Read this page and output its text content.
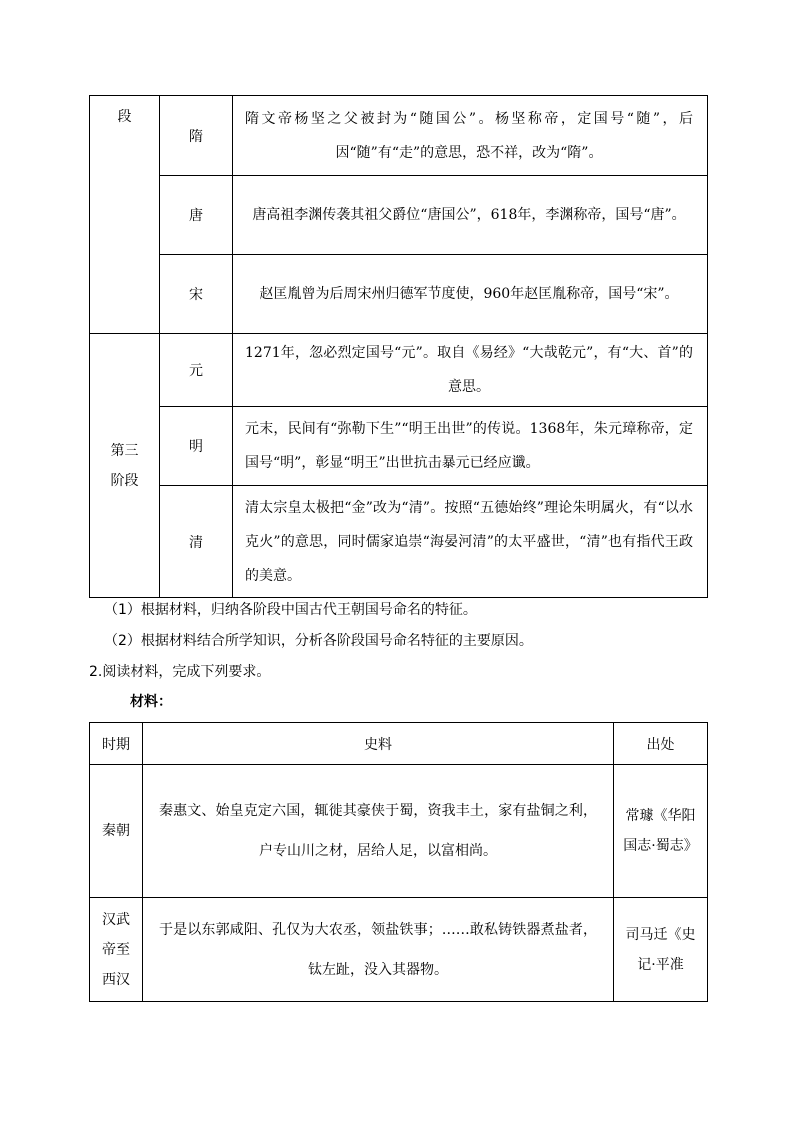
段	隋	隋文帝杨坚之父被封为“随国公”。杨坚称帝，定国号“随”，后因“随”有“走”的意思，恐不祥，改为“隋”。
	唐	唐高祖李渊传袭其祖父爵位“唐国公”，618年，李渊称帝，国号“唐”。
	宋	赵匡胤曾为后周宋州归德军节度使，960年赵匡胤称帝，国号“宋”。

第三阶段	元	1271年，忽必烈定国号“元”。取自《易经》“大哉乾元”，有“大、首”的意思。
	明	元末，民间有“弥勒下生”“明王出世”的传说。1368年，朱元璋称帝，定国号“明”，彰显“明王”出世抗击暴元已经应谶。
	清	清太宗皇太极把“金”改为“清”。按照“五德始终”理论朱明属火，有“以水克火”的意思，同时儒家追崇“海晏河清”的太平盛世，“清”也有指代王政的美意。
（1）根据材料，归纳各阶段中国古代王朝国号命名的特征。
（2）根据材料结合所学知识，分析各阶段国号命名特征的主要原因。
2.阅读材料，完成下列要求。
材料：
时期	史料	出处
秦朝	秦惠文、始皇克定六国，辄徙其豪侠于蜀，资我丰土，家有盐铜之利，户专山川之材，居给人足，以富相尚。	常璩《华阳国志·蜀志》
汉武帝至西汉	于是以东郭咸阳、孔仅为大农丞，领盐铁事；……敢私铸铁器煮盐者，钛左趾，没入其器物。	司马迁《史记·平准
